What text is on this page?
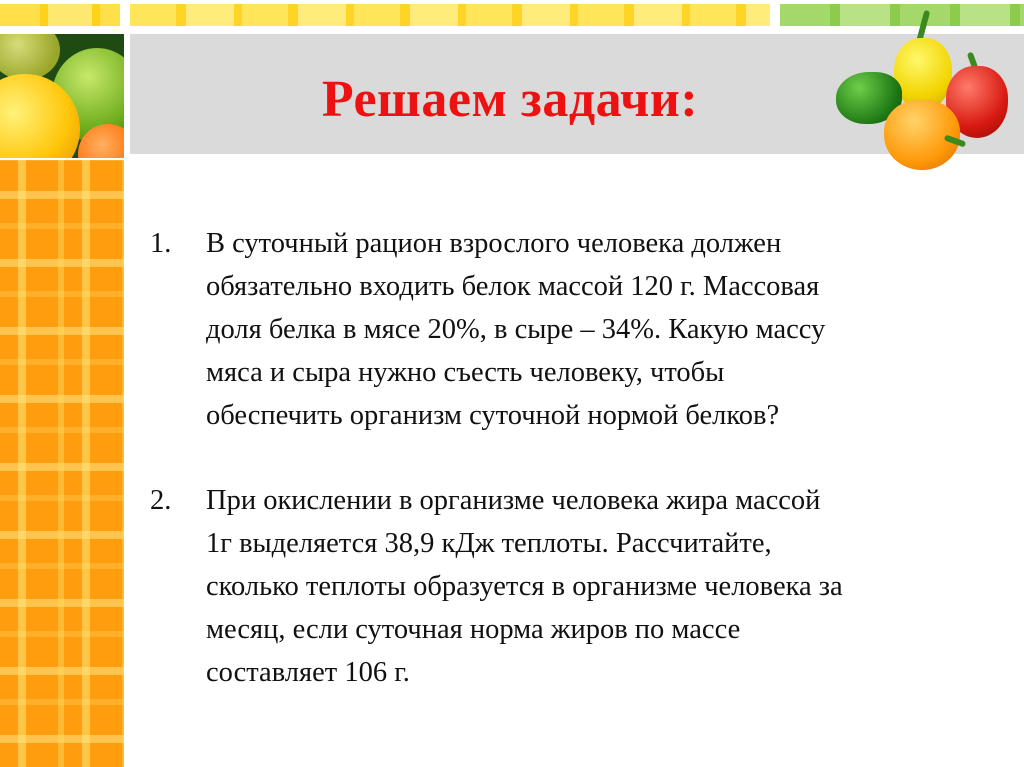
Решаем задачи:
1. В суточный рацион взрослого человека должен
обязательно входить белок массой 120 г. Массовая
доля белка в мясе 20%, в сыре – 34%. Какую массу
мяса и сыра нужно съесть человеку, чтобы
обеспечить организм суточной нормой белков?
2. При окислении в организме человека жира массой
1г выделяется 38,9 кДж теплоты. Рассчитайте,
сколько теплоты образуется в организме человека за
месяц, если суточная норма жиров по массе
составляет 106 г.
